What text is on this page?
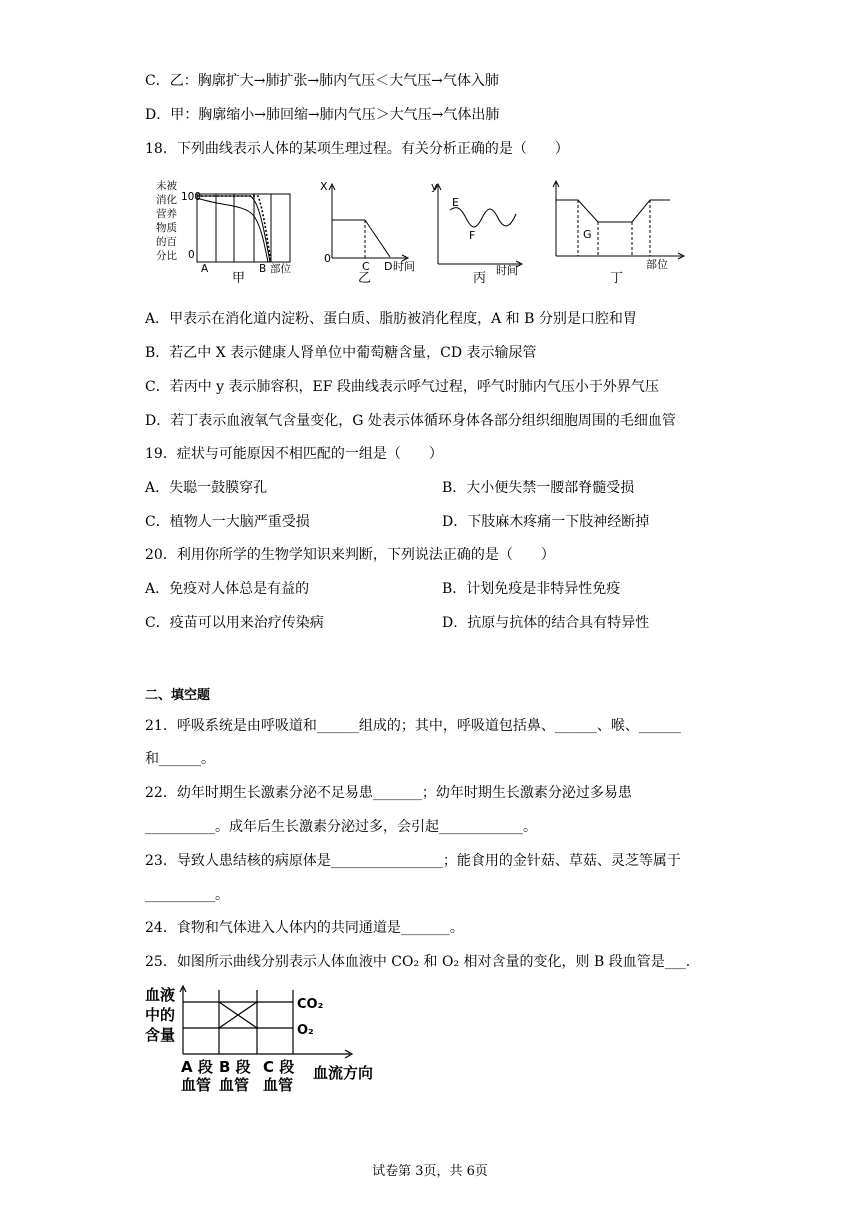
C．乙：胸廓扩大→肺扩张→肺内气压＜大气压→气体入肺
D．甲：胸廓缩小→肺回缩→肺内气压＞大气压→气体出肺
18．下列曲线表示人体的某项生理过程。有关分析正确的是（　　）
未被
消化
营养
物质
的百
分比
100
0
A	B 部位
甲
X
0
C D 时间
乙
y
E
F
时间
丙
G
部位
丁
A．甲表示在消化道内淀粉、蛋白质、脂肪被消化程度，A 和 B 分别是口腔和胃
B．若乙中 X 表示健康人肾单位中葡萄糖含量，CD 表示输尿管
C．若丙中 y 表示肺容积，EF 段曲线表示呼气过程，呼气时肺内气压小于外界气压
D．若丁表示血液氧气含量变化，G 处表示体循环身体各部分组织细胞周围的毛细血管
19．症状与可能原因不相匹配的一组是（　　）
A．失聪一鼓膜穿孔	B．大小便失禁一腰部脊髓受损
C．植物人一大脑严重受损	D．下肢麻木疼痛一下肢神经断掉
20．利用你所学的生物学知识来判断，下列说法正确的是（　　）
A．免疫对人体总是有益的	B．计划免疫是非特异性免疫
C．疫苗可以用来治疗传染病	D．抗原与抗体的结合具有特异性
二、填空题
21．呼吸系统是由呼吸道和______组成的；其中，呼吸道包括鼻、______、喉、______
和______。
22．幼年时期生长激素分泌不足易患_______；幼年时期生长激素分泌过多易患
__________。成年后生长激素分泌过多，会引起____________。
23．导致人患结核的病原体是________________；能食用的金针菇、草菇、灵芝等属于
__________。
24．食物和气体进入人体内的共同通道是_______。
25．如图所示曲线分别表示人体血液中 CO₂ 和 O₂ 相对含量的变化，则 B 段血管是___.
血液
中的
含量
CO₂
O₂
A 段
血管
B 段
血管
C 段
血管
血流方向
试卷第 3页，共 6页
